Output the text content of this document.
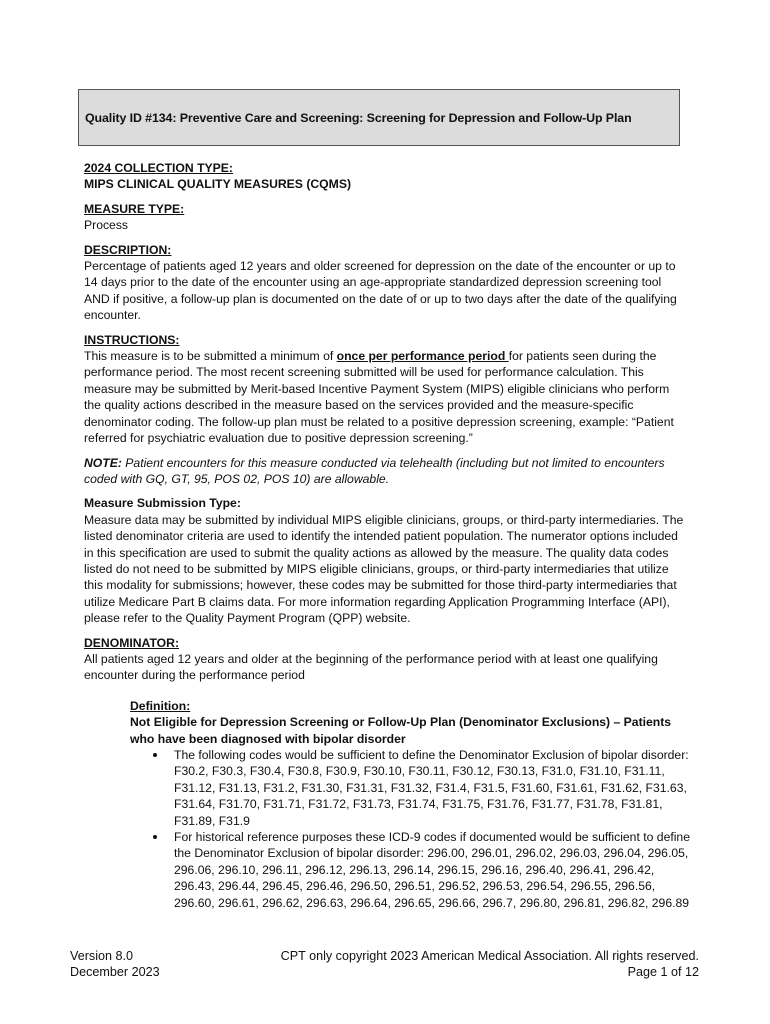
Quality ID #134: Preventive Care and Screening: Screening for Depression and Follow-Up Plan
2024 COLLECTION TYPE:
MIPS CLINICAL QUALITY MEASURES (CQMS)
MEASURE TYPE:
Process
DESCRIPTION:

Percentage of patients aged 12 years and older screened for depression on the date of the encounter or up to 14 days prior to the date of the encounter using an age-appropriate standardized depression screening tool AND if positive, a follow-up plan is documented on the date of or up to two days after the date of the qualifying encounter.

INSTRUCTIONS:

This measure is to be submitted a minimum of once per performance period for patients seen during the performance period. The most recent screening submitted will be used for performance calculation. This measure may be submitted by Merit-based Incentive Payment System (MIPS) eligible clinicians who perform the quality actions described in the measure based on the services provided and the measure-specific denominator coding. The follow-up plan must be related to a positive depression screening, example: “Patient referred for psychiatric evaluation due to positive depression screening.”

NOTE: Patient encounters for this measure conducted via telehealth (including but not limited to encounters coded with GQ, GT, 95, POS 02, POS 10) are allowable.

Measure Submission Type:

Measure data may be submitted by individual MIPS eligible clinicians, groups, or third-party intermediaries. The listed denominator criteria are used to identify the intended patient population. The numerator options included in this specification are used to submit the quality actions as allowed by the measure. The quality data codes listed do not need to be submitted by MIPS eligible clinicians, groups, or third-party intermediaries that utilize this modality for submissions; however, these codes may be submitted for those third-party intermediaries that utilize Medicare Part B claims data. For more information regarding Application Programming Interface (API), please refer to the Quality Payment Program (QPP) website.

DENOMINATOR:

All patients aged 12 years and older at the beginning of the performance period with at least one qualifying encounter during the performance period

Definition:
Not Eligible for Depression Screening or Follow-Up Plan (Denominator Exclusions) – Patients who have been diagnosed with bipolar disorder
The following codes would be sufficient to define the Denominator Exclusion of bipolar disorder: F30.2, F30.3, F30.4, F30.8, F30.9, F30.10, F30.11, F30.12, F30.13, F31.0, F31.10, F31.11, F31.12, F31.13, F31.2, F31.30, F31.31, F31.32, F31.4, F31.5, F31.60, F31.61, F31.62, F31.63, F31.64, F31.70, F31.71, F31.72, F31.73, F31.74, F31.75, F31.76, F31.77, F31.78, F31.81, F31.89, F31.9
For historical reference purposes these ICD-9 codes if documented would be sufficient to define the Denominator Exclusion of bipolar disorder: 296.00, 296.01, 296.02, 296.03, 296.04, 296.05, 296.06, 296.10, 296.11, 296.12, 296.13, 296.14, 296.15, 296.16, 296.40, 296.41, 296.42, 296.43, 296.44, 296.45, 296.46, 296.50, 296.51, 296.52, 296.53, 296.54, 296.55, 296.56, 296.60, 296.61, 296.62, 296.63, 296.64, 296.65, 296.66, 296.7, 296.80, 296.81, 296.82, 296.89
Version 8.0
December 2023
CPT only copyright 2023 American Medical Association. All rights reserved.
Page 1 of 12
